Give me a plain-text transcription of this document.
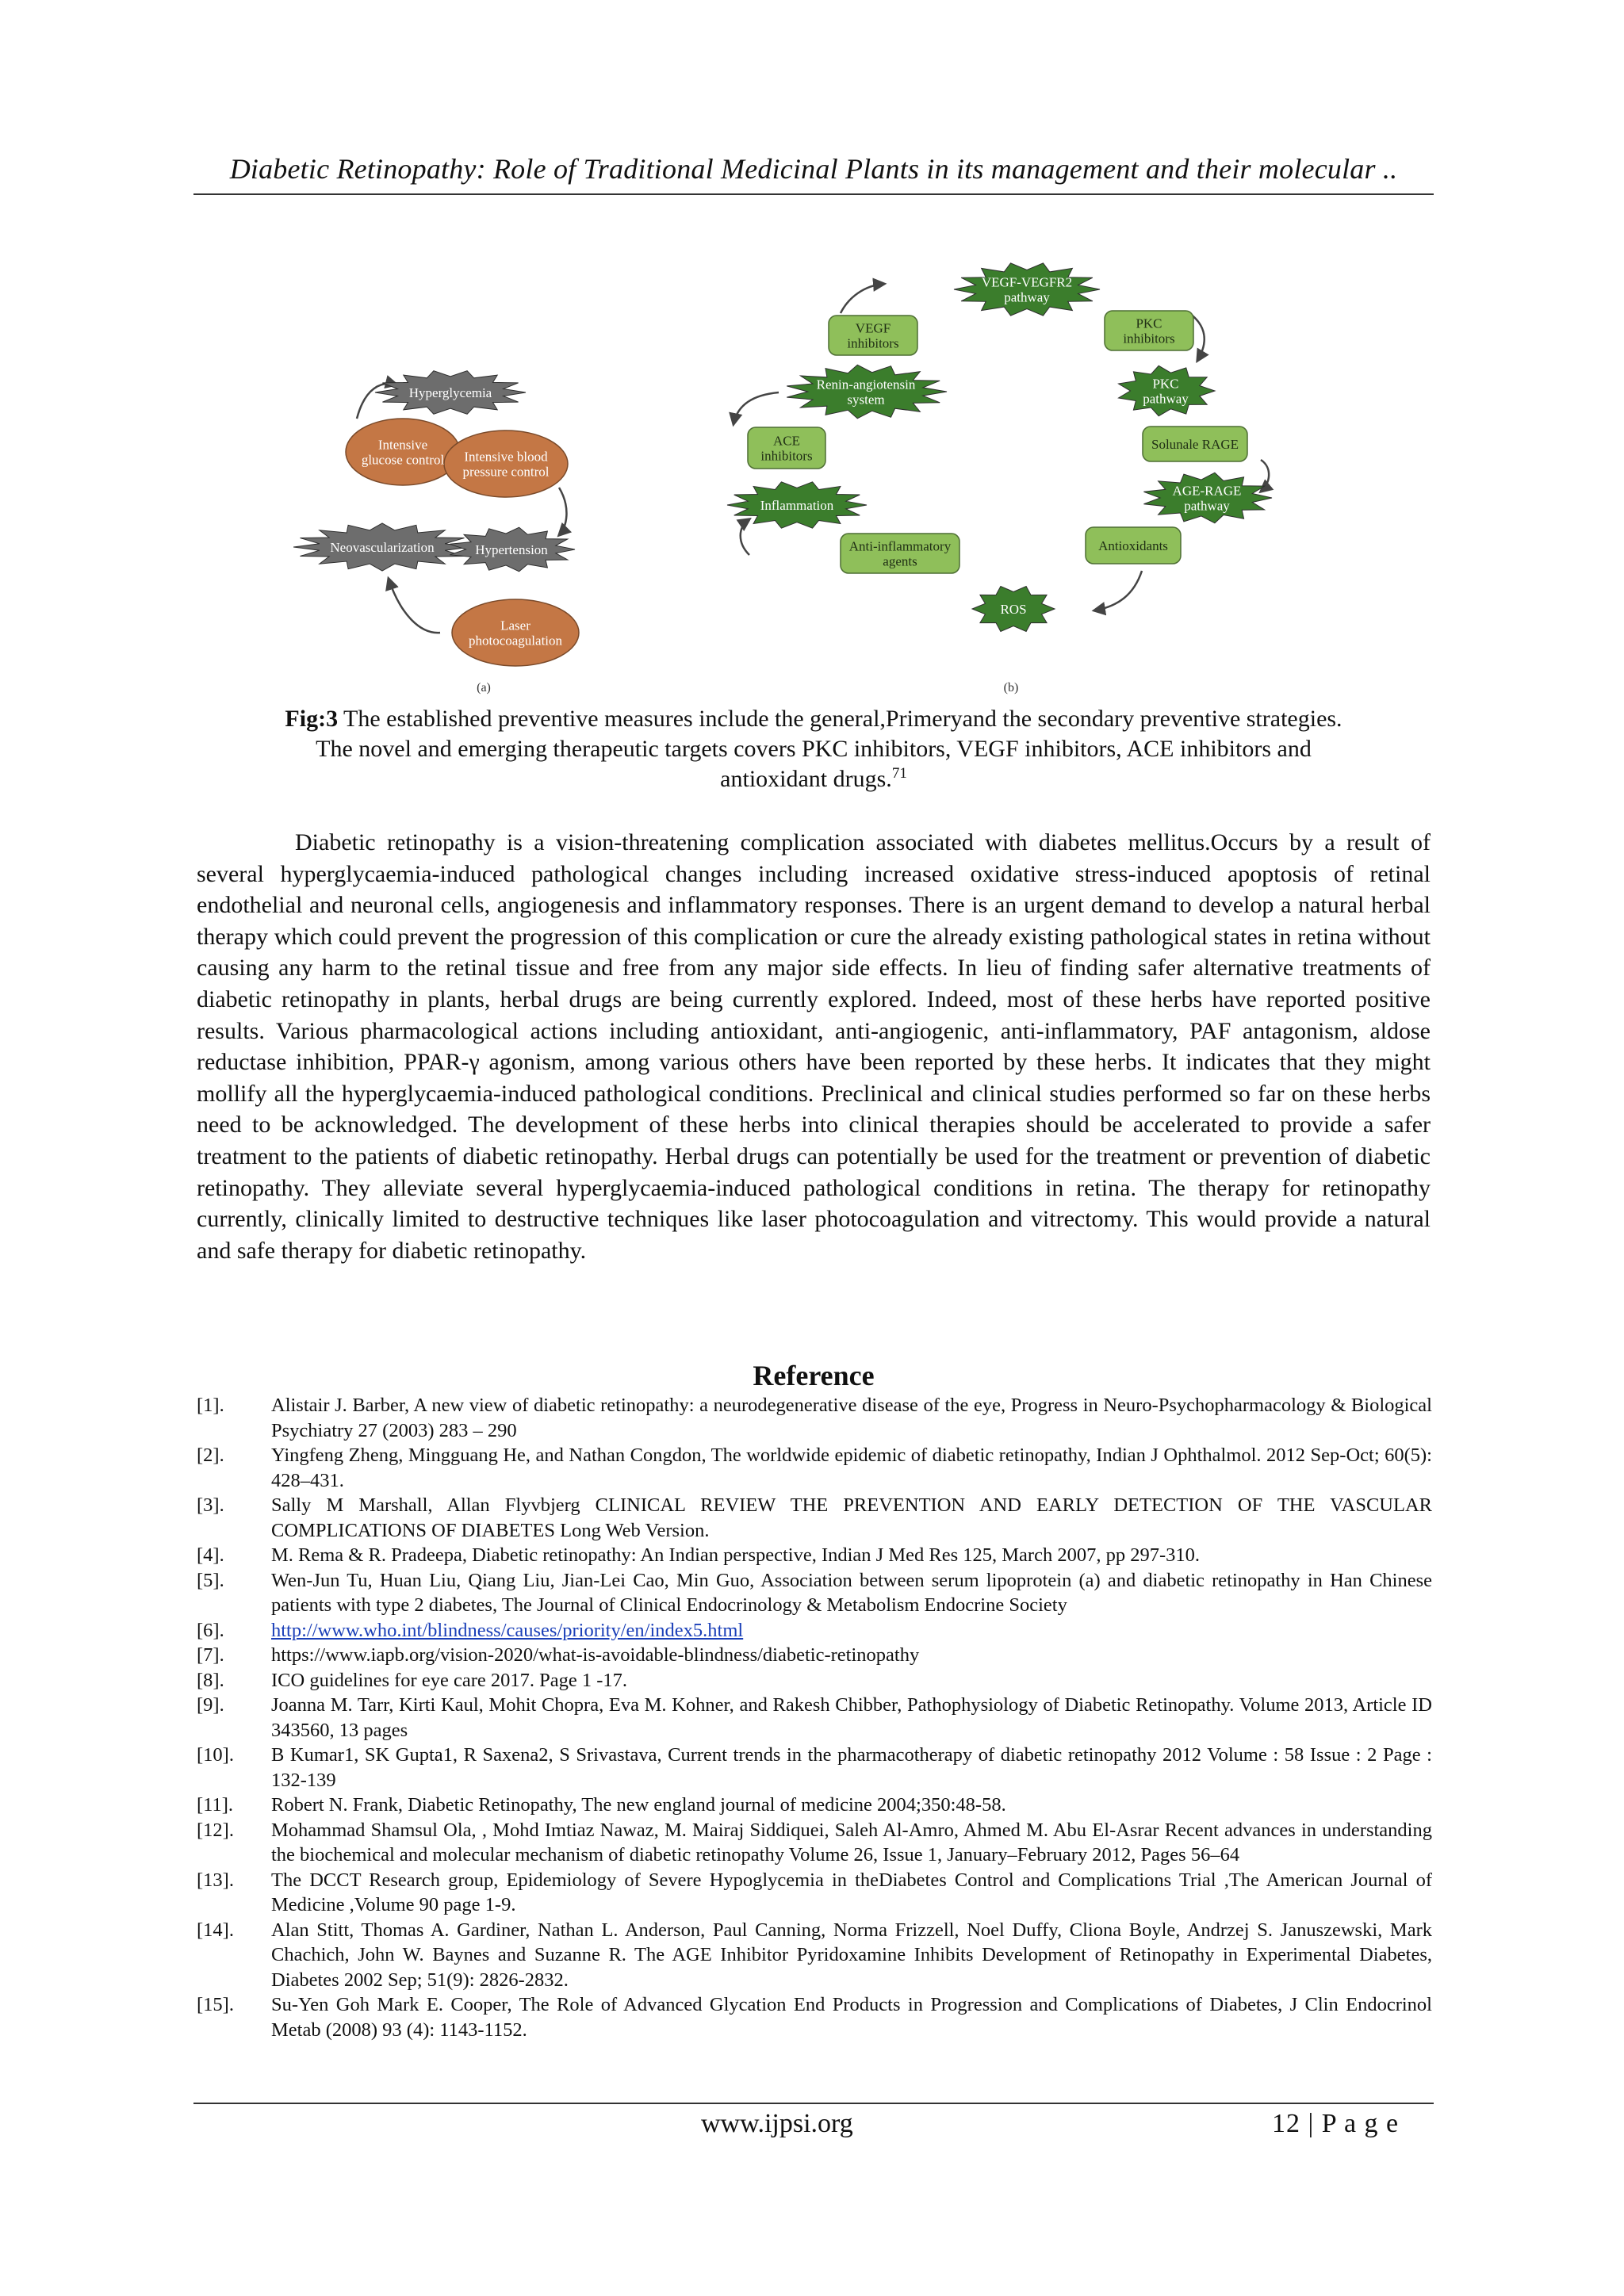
Diabetic Retinopathy: Role of Traditional Medicinal Plants in its management and their molecular ..
Hyperglycemia
Intensive glucose control Intensive blood pressure control
Neovascularization	Hypertension
Laser photocoagulation
VEGF-VEGFR2 pathway
VEGF inhibitors
PKC inhibitors
Renin-angiotensin system
PKC pathway
ACE inhibitors
Solunale RAGE
AGE-RAGE pathway
Inflammation
Antioxidants
Anti-inflammatory agents
ROS
(a)	(b)
Fig:3 The established preventive measures include the general,Primeryand the secondary preventive strategies.
The novel and emerging therapeutic targets covers PKC inhibitors, VEGF inhibitors, ACE inhibitors and
antioxidant drugs.$^{71}$
Diabetic retinopathy is a vision-threatening complication associated with diabetes mellitus.Occurs by a result of several hyperglycaemia-induced pathological changes including increased oxidative stress-induced apoptosis of retinal endothelial and neuronal cells, angiogenesis and inflammatory responses. There is an urgent demand to develop a natural herbal therapy which could prevent the progression of this complication or cure the already existing pathological states in retina without causing any harm to the retinal tissue and free from any major side effects. In lieu of finding safer alternative treatments of diabetic retinopathy in plants, herbal drugs are being currently explored. Indeed, most of these herbs have reported positive results. Various pharmacological actions including antioxidant, anti-angiogenic, anti-inflammatory, PAF antagonism, aldose reductase inhibition, PPAR-γ agonism, among various others have been reported by these herbs. It indicates that they might mollify all the hyperglycaemia-induced pathological conditions. Preclinical and clinical studies performed so far on these herbs need to be acknowledged. The development of these herbs into clinical therapies should be accelerated to provide a safer treatment to the patients of diabetic retinopathy. Herbal drugs can potentially be used for the treatment or prevention of diabetic retinopathy. They alleviate several hyperglycaemia-induced pathological conditions in retina. The therapy for retinopathy currently, clinically limited to destructive techniques like laser photocoagulation and vitrectomy. This would provide a natural and safe therapy for diabetic retinopathy.
Reference
[1]. Alistair J. Barber, A new view of diabetic retinopathy: a neurodegenerative disease of the eye, Progress in Neuro-Psychopharmacology & Biological Psychiatry 27 (2003) 283 – 290
[2]. Yingfeng Zheng, Mingguang He, and Nathan Congdon, The worldwide epidemic of diabetic retinopathy, Indian J Ophthalmol. 2012 Sep-Oct; 60(5): 428–431.
[3]. Sally M Marshall, Allan Flyvbjerg CLINICAL REVIEW THE PREVENTION AND EARLY DETECTION OF THE VASCULAR COMPLICATIONS OF DIABETES Long Web Version.
[4]. M. Rema & R. Pradeepa, Diabetic retinopathy: An Indian perspective, Indian J Med Res 125, March 2007, pp 297-310.
[5]. Wen-Jun Tu, Huan Liu, Qiang Liu, Jian-Lei Cao, Min Guo, Association between serum lipoprotein (a) and diabetic retinopathy in Han Chinese patients with type 2 diabetes, The Journal of Clinical Endocrinology & Metabolism Endocrine Society
[6]. http://www.who.int/blindness/causes/priority/en/index5.html
[7]. https://www.iapb.org/vision-2020/what-is-avoidable-blindness/diabetic-retinopathy
[8]. ICO guidelines for eye care 2017. Page 1 -17.
[9]. Joanna M. Tarr, Kirti Kaul, Mohit Chopra, Eva M. Kohner, and Rakesh Chibber, Pathophysiology of Diabetic Retinopathy. Volume 2013, Article ID 343560, 13 pages
[10]. B Kumar1, SK Gupta1, R Saxena2, S Srivastava, Current trends in the pharmacotherapy of diabetic retinopathy 2012 Volume : 58 Issue : 2 Page : 132-139
[11]. Robert N. Frank, Diabetic Retinopathy, The new england journal of medicine 2004;350:48-58.
[12]. Mohammad Shamsul Ola, , Mohd Imtiaz Nawaz, M. Mairaj Siddiquei, Saleh Al-Amro, Ahmed M. Abu El-Asrar Recent advances in understanding the biochemical and molecular mechanism of diabetic retinopathy Volume 26, Issue 1, January–February 2012, Pages 56–64
[13]. The DCCT Research group, Epidemiology of Severe Hypoglycemia in theDiabetes Control and Complications Trial ,The American Journal of Medicine ,Volume 90 page 1-9.
[14]. Alan Stitt, Thomas A. Gardiner, Nathan L. Anderson, Paul Canning, Norma Frizzell, Noel Duffy, Cliona Boyle, Andrzej S. Januszewski, Mark Chachich, John W. Baynes and Suzanne R. The AGE Inhibitor Pyridoxamine Inhibits Development of Retinopathy in Experimental Diabetes, Diabetes 2002 Sep; 51(9): 2826-2832.
[15]. Su-Yen Goh Mark E. Cooper, The Role of Advanced Glycation End Products in Progression and Complications of Diabetes, J Clin Endocrinol Metab (2008) 93 (4): 1143-1152.
www.ijpsi.org	12 | P a g e
